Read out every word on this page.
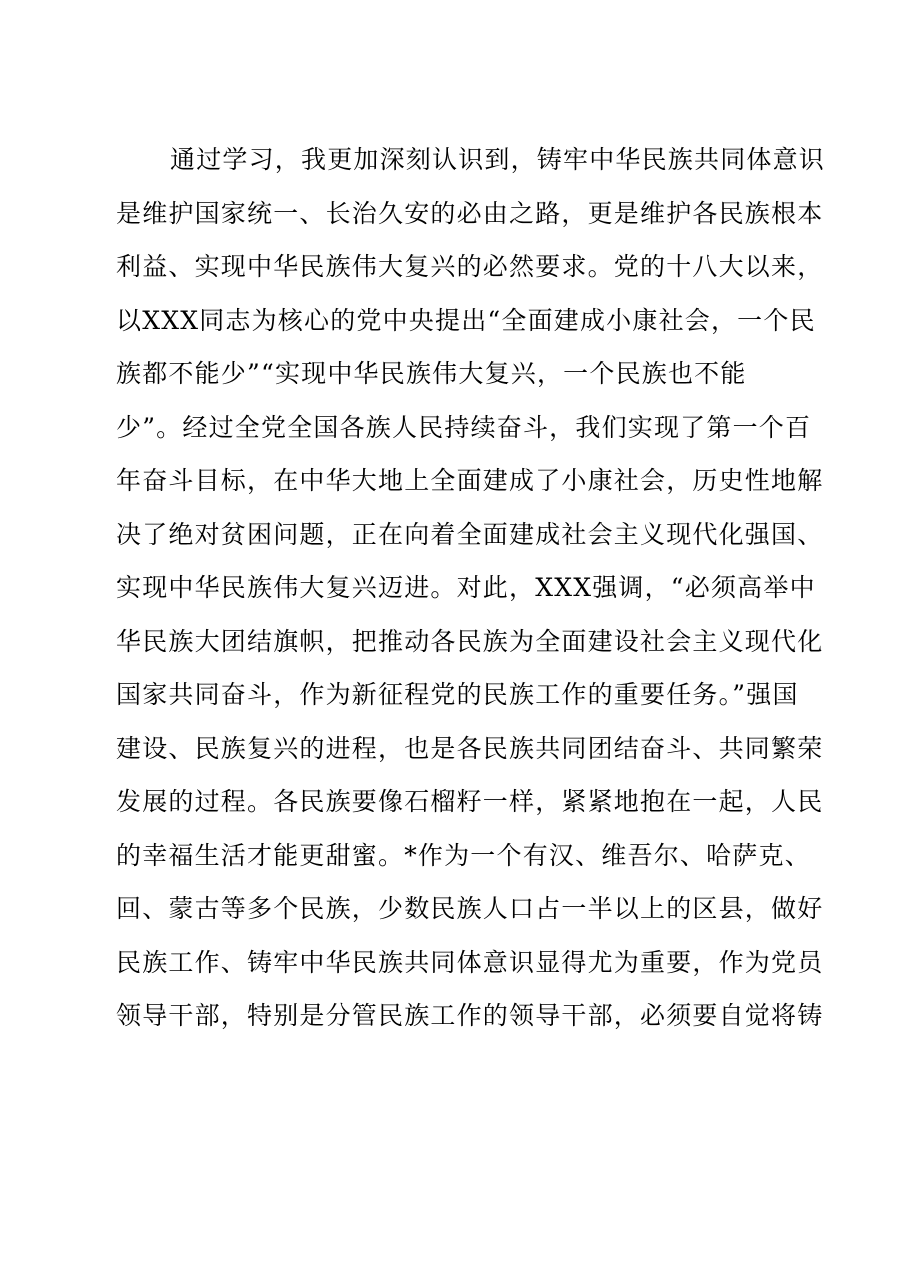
通过学习，我更加深刻认识到，铸牢中华民族共同体意识
是维护国家统一、长治久安的必由之路，更是维护各民族根本
利益、实现中华民族伟大复兴的必然要求。党的十八大以来，
以XXX同志为核心的党中央提出“全面建成小康社会，一个民
族都不能少”“实现中华民族伟大复兴，一个民族也不能
少”。经过全党全国各族人民持续奋斗，我们实现了第一个百
年奋斗目标，在中华大地上全面建成了小康社会，历史性地解
决了绝对贫困问题，正在向着全面建成社会主义现代化强国、
实现中华民族伟大复兴迈进。对此，XXX强调，“必须高举中
华民族大团结旗帜，把推动各民族为全面建设社会主义现代化
国家共同奋斗，作为新征程党的民族工作的重要任务。”强国
建设、民族复兴的进程，也是各民族共同团结奋斗、共同繁荣
发展的过程。各民族要像石榴籽一样，紧紧地抱在一起，人民
的幸福生活才能更甜蜜。*作为一个有汉、维吾尔、哈萨克、
回、蒙古等多个民族，少数民族人口占一半以上的区县，做好
民族工作、铸牢中华民族共同体意识显得尤为重要，作为党员
领导干部，特别是分管民族工作的领导干部，必须要自觉将铸
